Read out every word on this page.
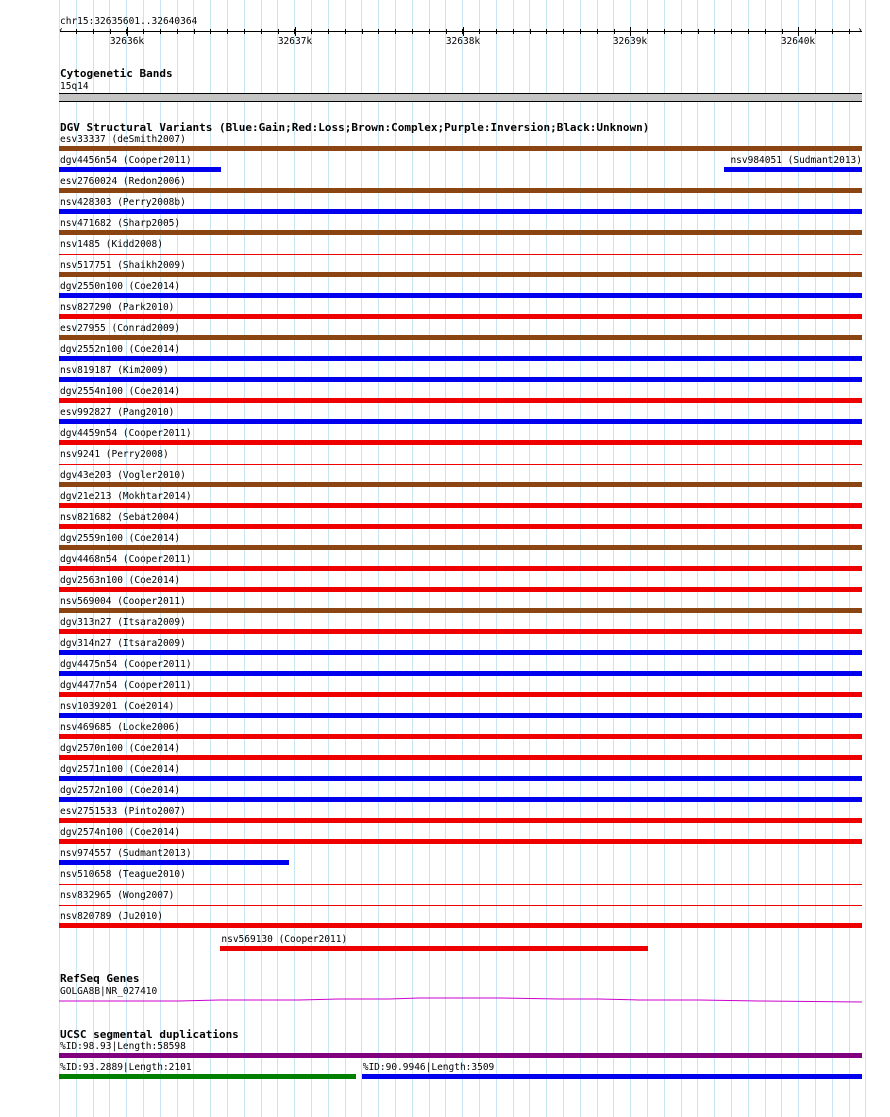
chr15:32635601..32640364
‹	›
32636k	32637k	32638k	32639k	32640k
Cytogenetic Bands
15q14
DGV Structural Variants (Blue:Gain;Red:Loss;Brown:Complex;Purple:Inversion;Black:Unknown)
esv33337 (deSmith2007)
dgv4456n54 (Cooper2011)	nsv984051 (Sudmant2013)
esv2760024 (Redon2006)
nsv428303 (Perry2008b)
nsv471682 (Sharp2005)
nsv1485 (Kidd2008)
nsv517751 (Shaikh2009)
dgv2550n100 (Coe2014)
nsv827290 (Park2010)
esv27955 (Conrad2009)
dgv2552n100 (Coe2014)
nsv819187 (Kim2009)
dgv2554n100 (Coe2014)
esv992827 (Pang2010)
dgv4459n54 (Cooper2011)
nsv9241 (Perry2008)
dgv43e203 (Vogler2010)
dgv21e213 (Mokhtar2014)
nsv821682 (Sebat2004)
dgv2559n100 (Coe2014)
dgv4468n54 (Cooper2011)
dgv2563n100 (Coe2014)
nsv569004 (Cooper2011)
dgv313n27 (Itsara2009)
dgv314n27 (Itsara2009)
dgv4475n54 (Cooper2011)
dgv4477n54 (Cooper2011)
nsv1039201 (Coe2014)
nsv469685 (Locke2006)
dgv2570n100 (Coe2014)
dgv2571n100 (Coe2014)
dgv2572n100 (Coe2014)
esv2751533 (Pinto2007)
dgv2574n100 (Coe2014)
nsv974557 (Sudmant2013)
nsv510658 (Teague2010)
nsv832965 (Wong2007)
nsv820789 (Ju2010)
nsv569130 (Cooper2011)
RefSeq Genes
GOLGA8B|NR_027410
UCSC segmental duplications
%ID:98.93|Length:58598
%ID:93.2889|Length:2101	%ID:90.9946|Length:3509
